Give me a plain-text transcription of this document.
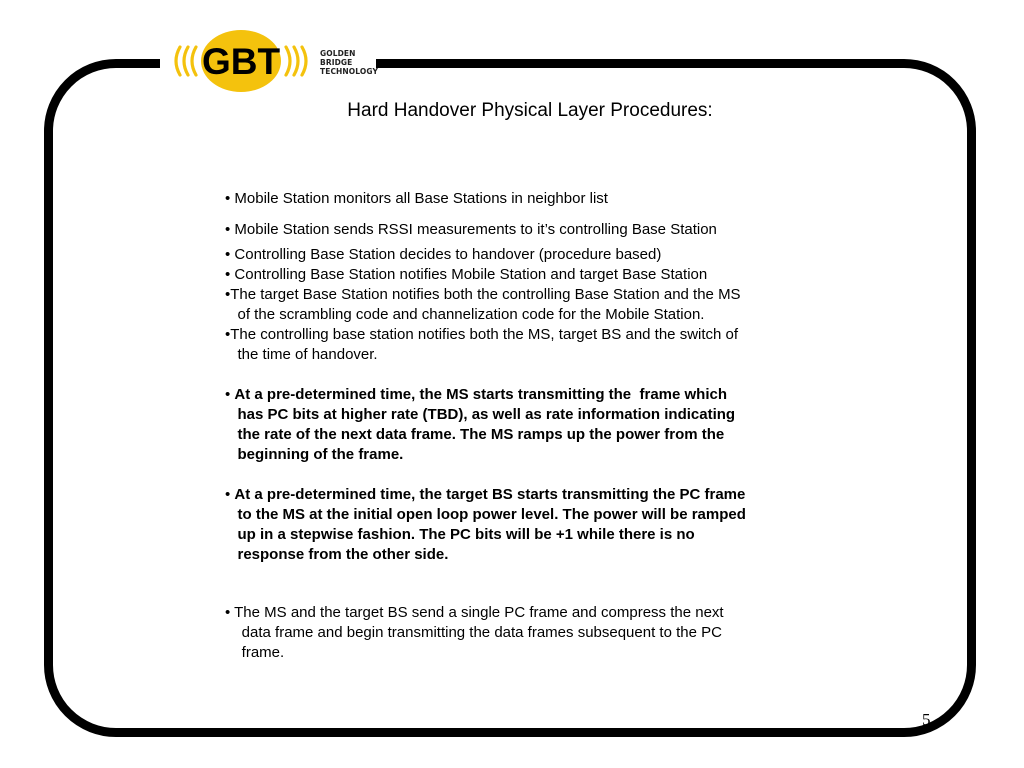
GBT	GOLDEN
BRIDGE
TECHNOLOGY
Hard Handover Physical Layer Procedures:
• Mobile Station monitors all Base Stations in neighbor list
• Mobile Station sends RSSI measurements to it’s controlling Base Station
• Controlling Base Station decides to handover (procedure based)
• Controlling Base Station notifies Mobile Station and target Base Station
•The target Base Station notifies both the controlling Base Station and the MS
of the scrambling code and channelization code for the Mobile Station.
•The controlling base station notifies both the MS, target BS and the switch of
the time of handover.
• At a pre-determined time, the MS starts transmitting the  frame which
has PC bits at higher rate (TBD), as well as rate information indicating
the rate of the next data frame. The MS ramps up the power from the
beginning of the frame.
• At a pre-determined time, the target BS starts transmitting the PC frame
to the MS at the initial open loop power level. The power will be ramped
up in a stepwise fashion. The PC bits will be +1 while there is no
response from the other side.
• The MS and the target BS send a single PC frame and compress the next
data frame and begin transmitting the data frames subsequent to the PC
frame.
5
